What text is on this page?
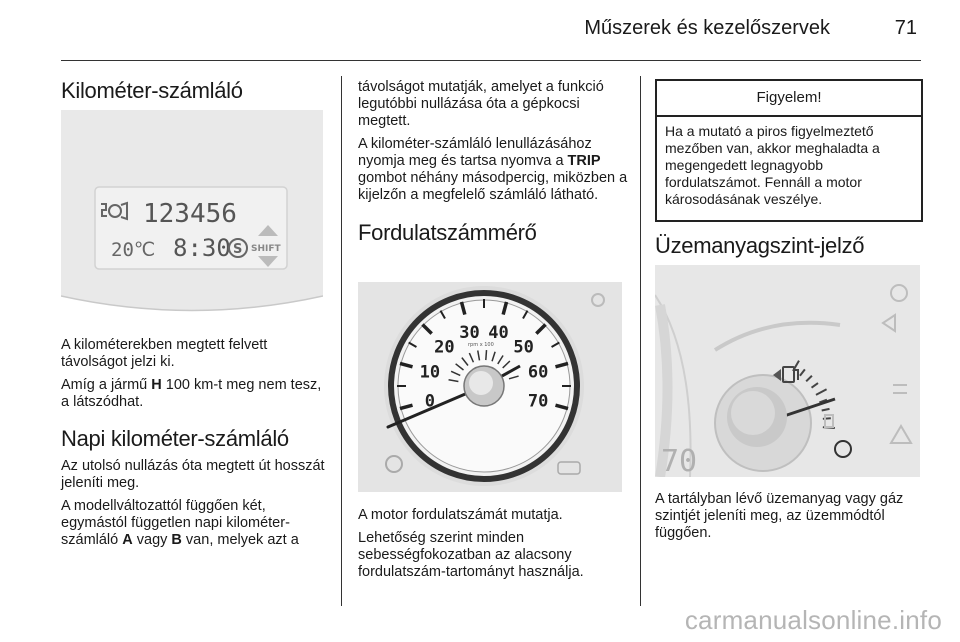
Műszerek és kezelőszervek	71
Kilométer-számláló
123456
20℃ 8:30 S SHIFT

A kilométerekben megtett felvett távolságot jelzi ki.

Amíg a jármű H 100 km-t meg nem tesz, a látszódhat.

Napi kilométer-számláló

Az utolsó nullázás óta megtett út hosszát jeleníti meg.

A modellváltozattól függően két, egymástól független napi kilométer-számláló A vagy B van, melyek azt a

távolságot mutatják, amelyet a funkció legutóbbi nullázása óta a gépkocsi megtett.

A kilométer-számláló lenullázásához nyomja meg és tartsa nyomva a TRIP gombot néhány másodpercig, miközben a kijelzőn a megfelelő számláló látható.

Fordulatszámmérő
0
10
20
30 40
50
60
70
rpm x 100

A motor fordulatszámát mutatja.

Lehetőség szerint minden sebességfokozatban az alacsony fordulatszám-tartományt használja.

Figyelem!
Ha a mutató a piros figyelmeztető mezőben van, akkor meghaladta a megengedett legnagyobb fordulatszámot. Fennáll a motor károsodásának veszélye.
Üzemanyagszint-jelző
70

A tartályban lévő üzemanyag vagy gáz szintjét jeleníti meg, az üzemmódtól függően.

carmanualsonline.info
